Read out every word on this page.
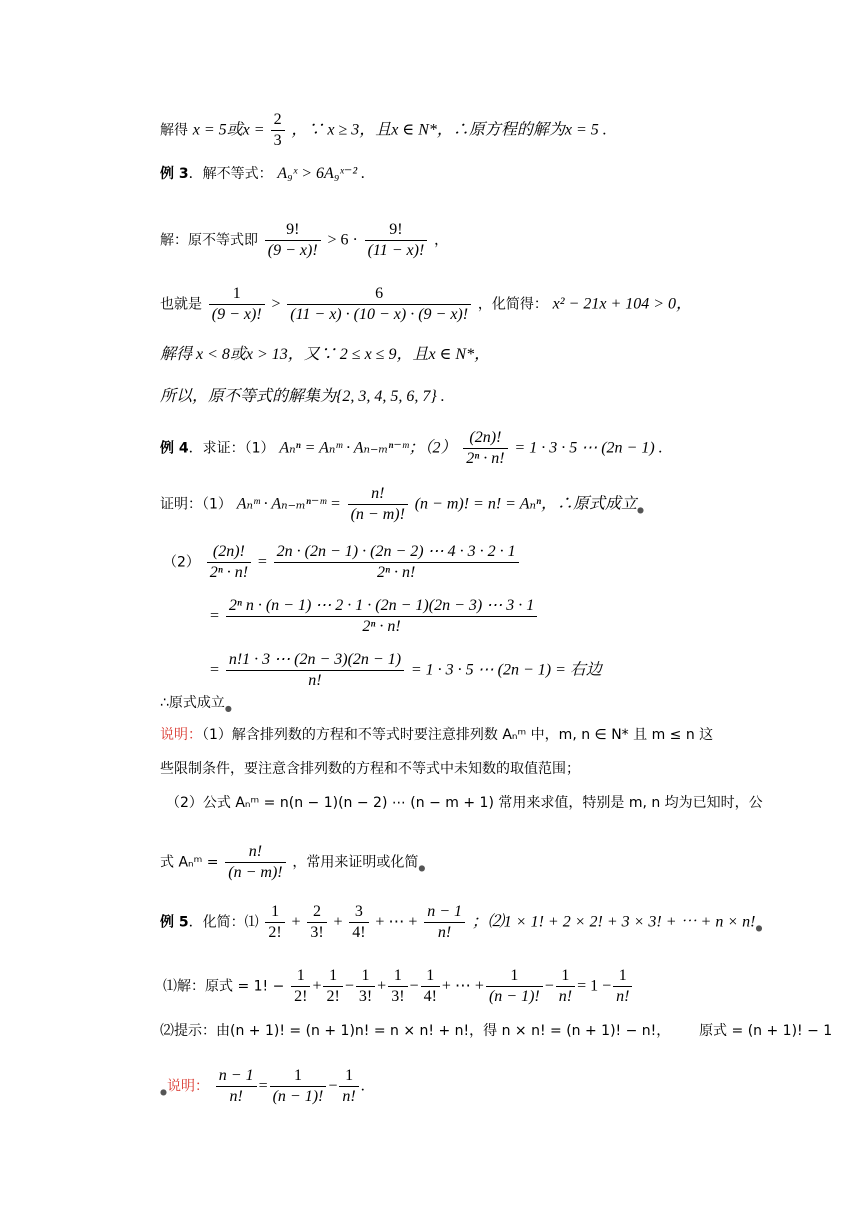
解得 x = 5或$x = \frac{2}{3}$ ，∵ x ≥ 3，且x ∈ N*，∴原方程的解为x = 5 .
例 3．解不等式： A₉ˣ > 6A₉ˣ⁻² .
解：原不等式即 $\frac{9!}{(9 - x)!} > 6 \cdot \frac{9!}{(11 - x)!}$ ，
也就是 $\frac{1}{(9 - x)!} > \frac{6}{(11 - x) \cdot (10 - x) \cdot (9 - x)!}$ ，化简得： x² − 21x + 104 > 0，
解得 x < 8或x > 13，又∵ 2 ≤ x ≤ 9，且x ∈ N*，
所以，原不等式的解集为{2, 3, 4, 5, 6, 7} .
例 4．求证：（1） Aₙⁿ = Aₙᵐ · Aₙ₋ₘⁿ⁻ᵐ；$(2) \frac{(2n)!}{\text{2ⁿ · n!}} = 1 \cdot 3 \cdot 5$ ⋯ (2n − 1) .
证明：（1） Aₙᵐ · Aₙ₋ₘⁿ⁻ᵐ = $\frac{n!}{(n - m)!} (n - m)$! = n! = Aₙⁿ，∴原式成立$_●$
$(2) \frac{(2n)!}{\text{2ⁿ · n!}} = \frac{2n \cdot (2n - 1) \cdot (2n - 2) \cdots 4 \cdot 3 \cdot 2 \cdot 1}{\text{2ⁿ · n!}}$
= $\frac{\text{2ⁿ n · (n − 1) ⋯ 2 · 1 · (2n − 1)(2n − 3) ⋯ 3 · 1}}{\text{2ⁿ · n!}}$
= $\frac{n!1 \cdot 3 \cdots (2n - 3)(2n - 1)}{n!} = 1 \cdot 3 \cdot 5$ ⋯ (2n − 1) = 右边
∴原式成立$_●$
说明：（1）解含排列数的方程和不等式时要注意排列数 Aₙᵐ 中，m, n ∈ N* 且 m ≤ n 这
些限制条件，要注意含排列数的方程和不等式中未知数的取值范围；
（2）公式 Aₙᵐ = n(n − 1)(n − 2) ⋯ (n − m + 1) 常用来求值，特别是 m, n 均为已知时，公
式 Aₙᵐ = $\frac{n!}{(n - m)!}$ ，常用来证明或化简$_●$
例 5．化简：⑴ $\frac{1}{2!} + \frac{2}{3!} + \frac{3}{4!}$ + ⋯ + $\frac{n - 1}{n!}$ ；⑵1 × 1! + 2 × 2! + 3 × 3! + ⋯ + $n \times n!_●$
⑴解：原式 = 1! − $\frac{1}{2!} + \frac{1}{2!} - \frac{1}{3!} + \frac{1}{3!} - \frac{1}{4!}$ + ⋯ + $\frac{1}{(n - 1)!} - \frac{1}{n!} = 1 - \frac{1}{n!}$
⑵提示：由(n + 1)! = (n + 1)n! = n × n! + n!，得 n × n! = (n + 1)! − n!， 原式 = (n + 1)! − 1
$_●$说明： $\frac{n - 1}{n!} = \frac{1}{(n - 1)!} - \frac{1}{n!}$ .
